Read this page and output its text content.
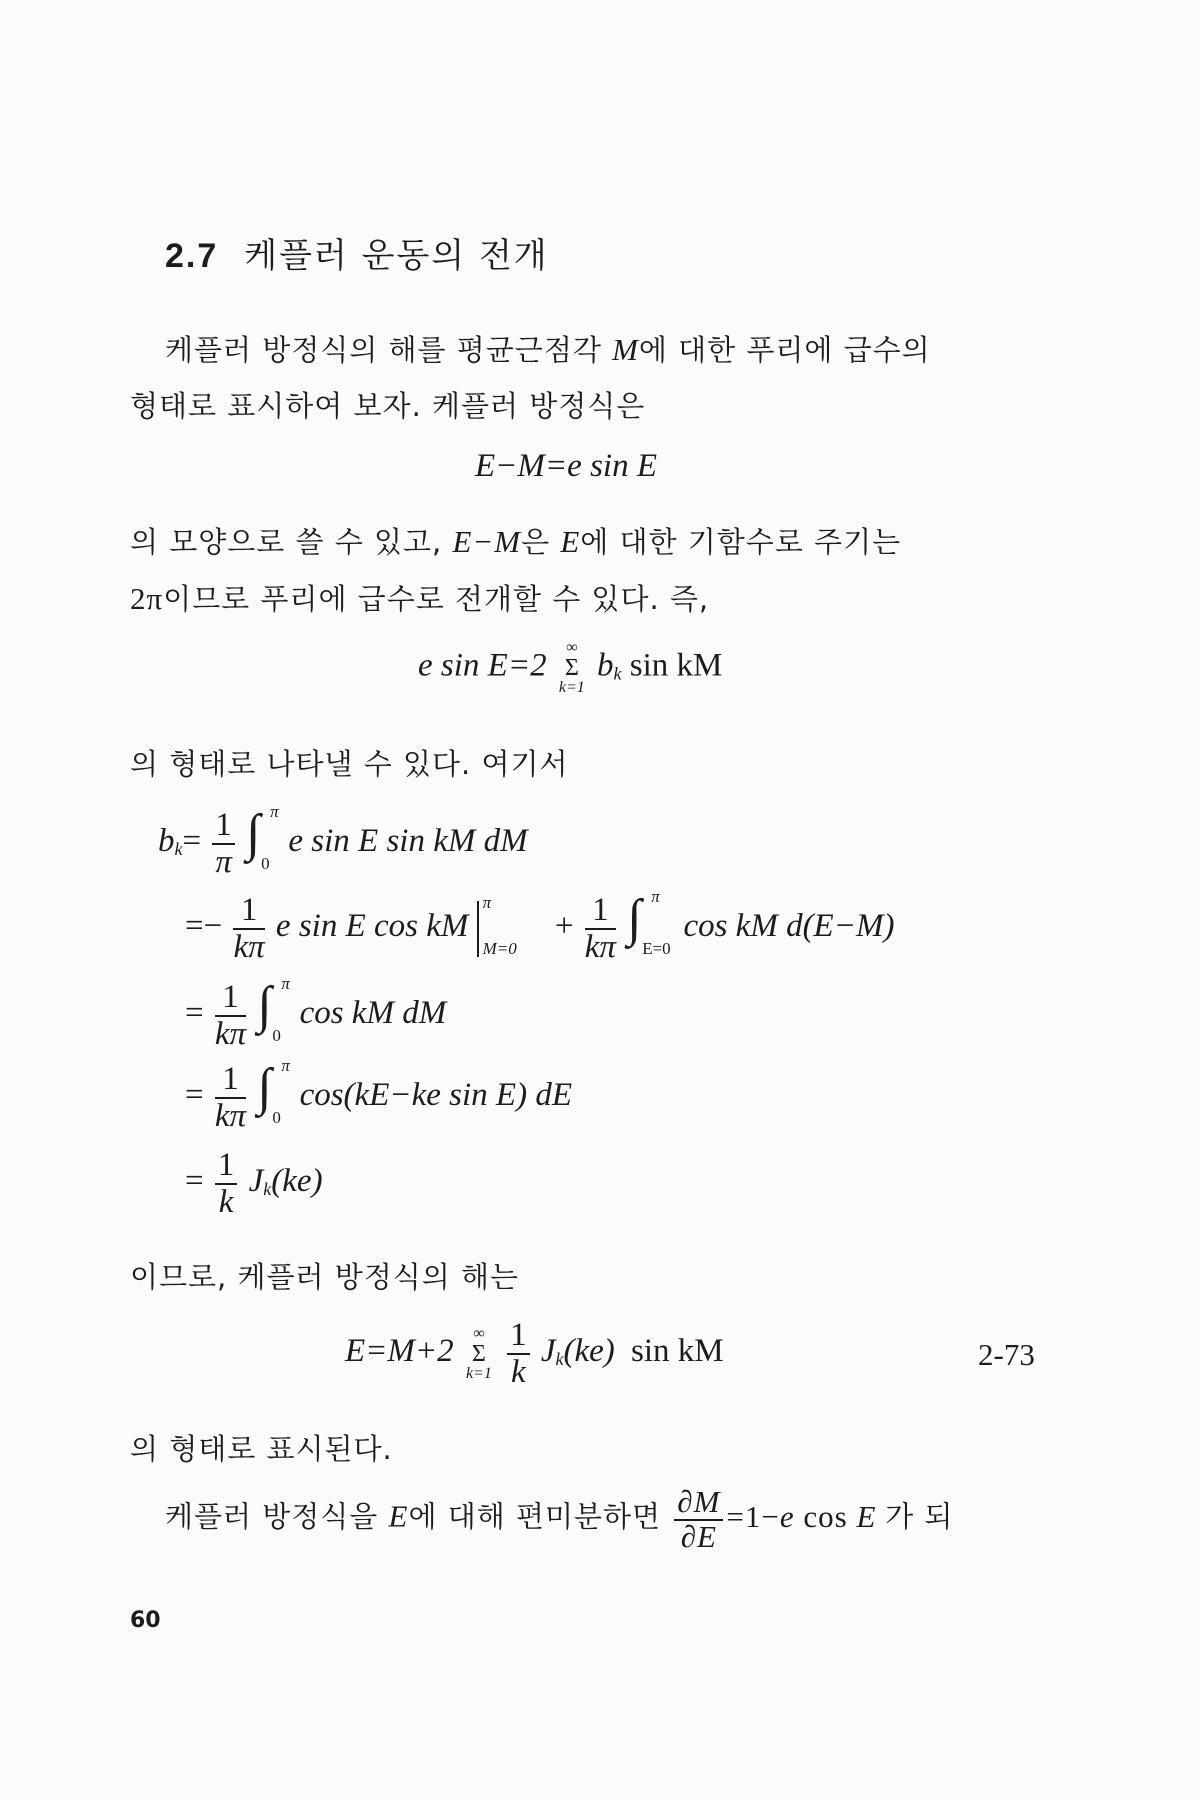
2.7 케플러 운동의 전개
케플러 방정식의 해를 평균근점각 M에 대한 푸리에 급수의
형태로 표시하여 보자. 케플러 방정식은
E−M=e sin E
의 모양으로 쓸 수 있고, E−M은 E에 대한 기함수로 주기는
2π이므로 푸리에 급수로 전개할 수 있다. 즉,
e sin E=2
∞
Σ
k=1
$b_k$ sin kM
의 형태로 나타낼 수 있다. 여기서
$b_k= \frac{1}{\pi}$
∫ π
0
e sin E sin kM dM
=− $\frac{1}{k\pi}$ e sin E cos kM
π
M=0
+ $\frac{1}{k\pi}$
∫ π
E=0
cos kM d(E−M)
= $\frac{1}{k\pi}$
∫ π
0
cos kM dM
= $\frac{1}{k\pi}$
∫ π
0
cos(kE−ke sin E) dE
= $\frac{1}{k} J_k(ke)$
이므로, 케플러 방정식의 해는
E=M+2
∞
Σ
k=1
$\frac{1}{k} J_k(ke)$ sin kM	2-73
의 형태로 표시된다.
케플러 방정식을 E에 대해 편미분하면 $\frac{\partial M}{\partial E} =1-e$ cos E 가 되
60
